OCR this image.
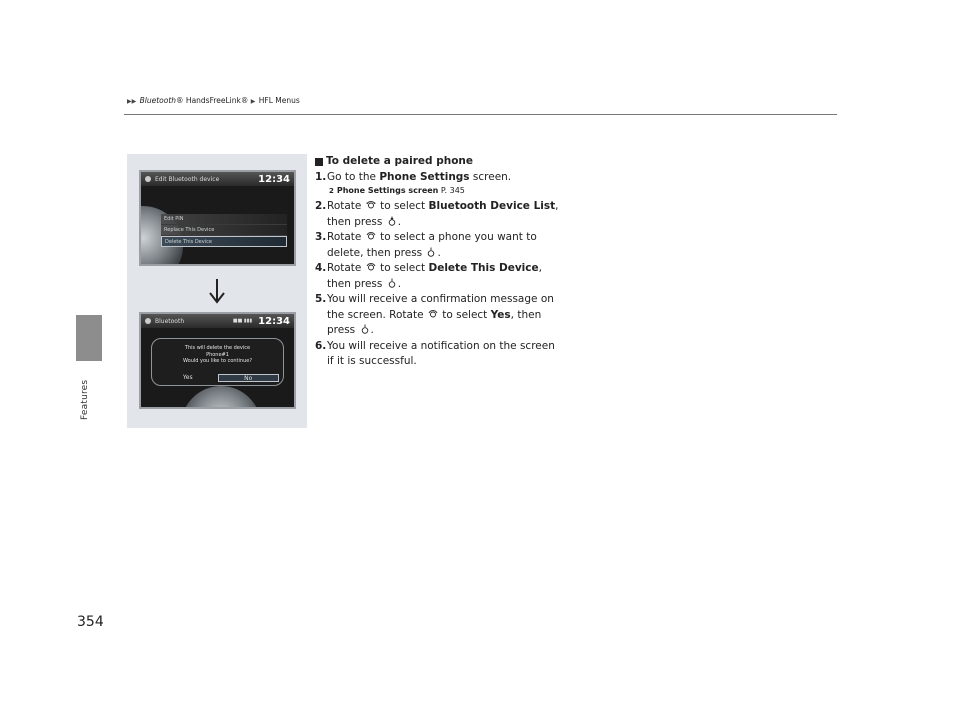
▶▶ Bluetooth® HandsFreeLink® ▶ HFL Menus
Features
Edit Bluetooth device	12:34
Edit PIN
Replace This Device
Delete This Device
Bluetooth	■■ ▮▮▮ 12:34
This will delete the device
Phone#1
Would you like to continue?
Yes	No
To delete a paired phone
1. Go to the Phone Settings screen.
2 Phone Settings screen P. 345
2. Rotate to select Bluetooth Device List,
then press .
3. Rotate to select a phone you want to
delete, then press .
4. Rotate to select Delete This Device,
then press .
5. You will receive a confirmation message on
the screen. Rotate to select Yes, then
press .
6. You will receive a notification on the screen
if it is successful.
354
